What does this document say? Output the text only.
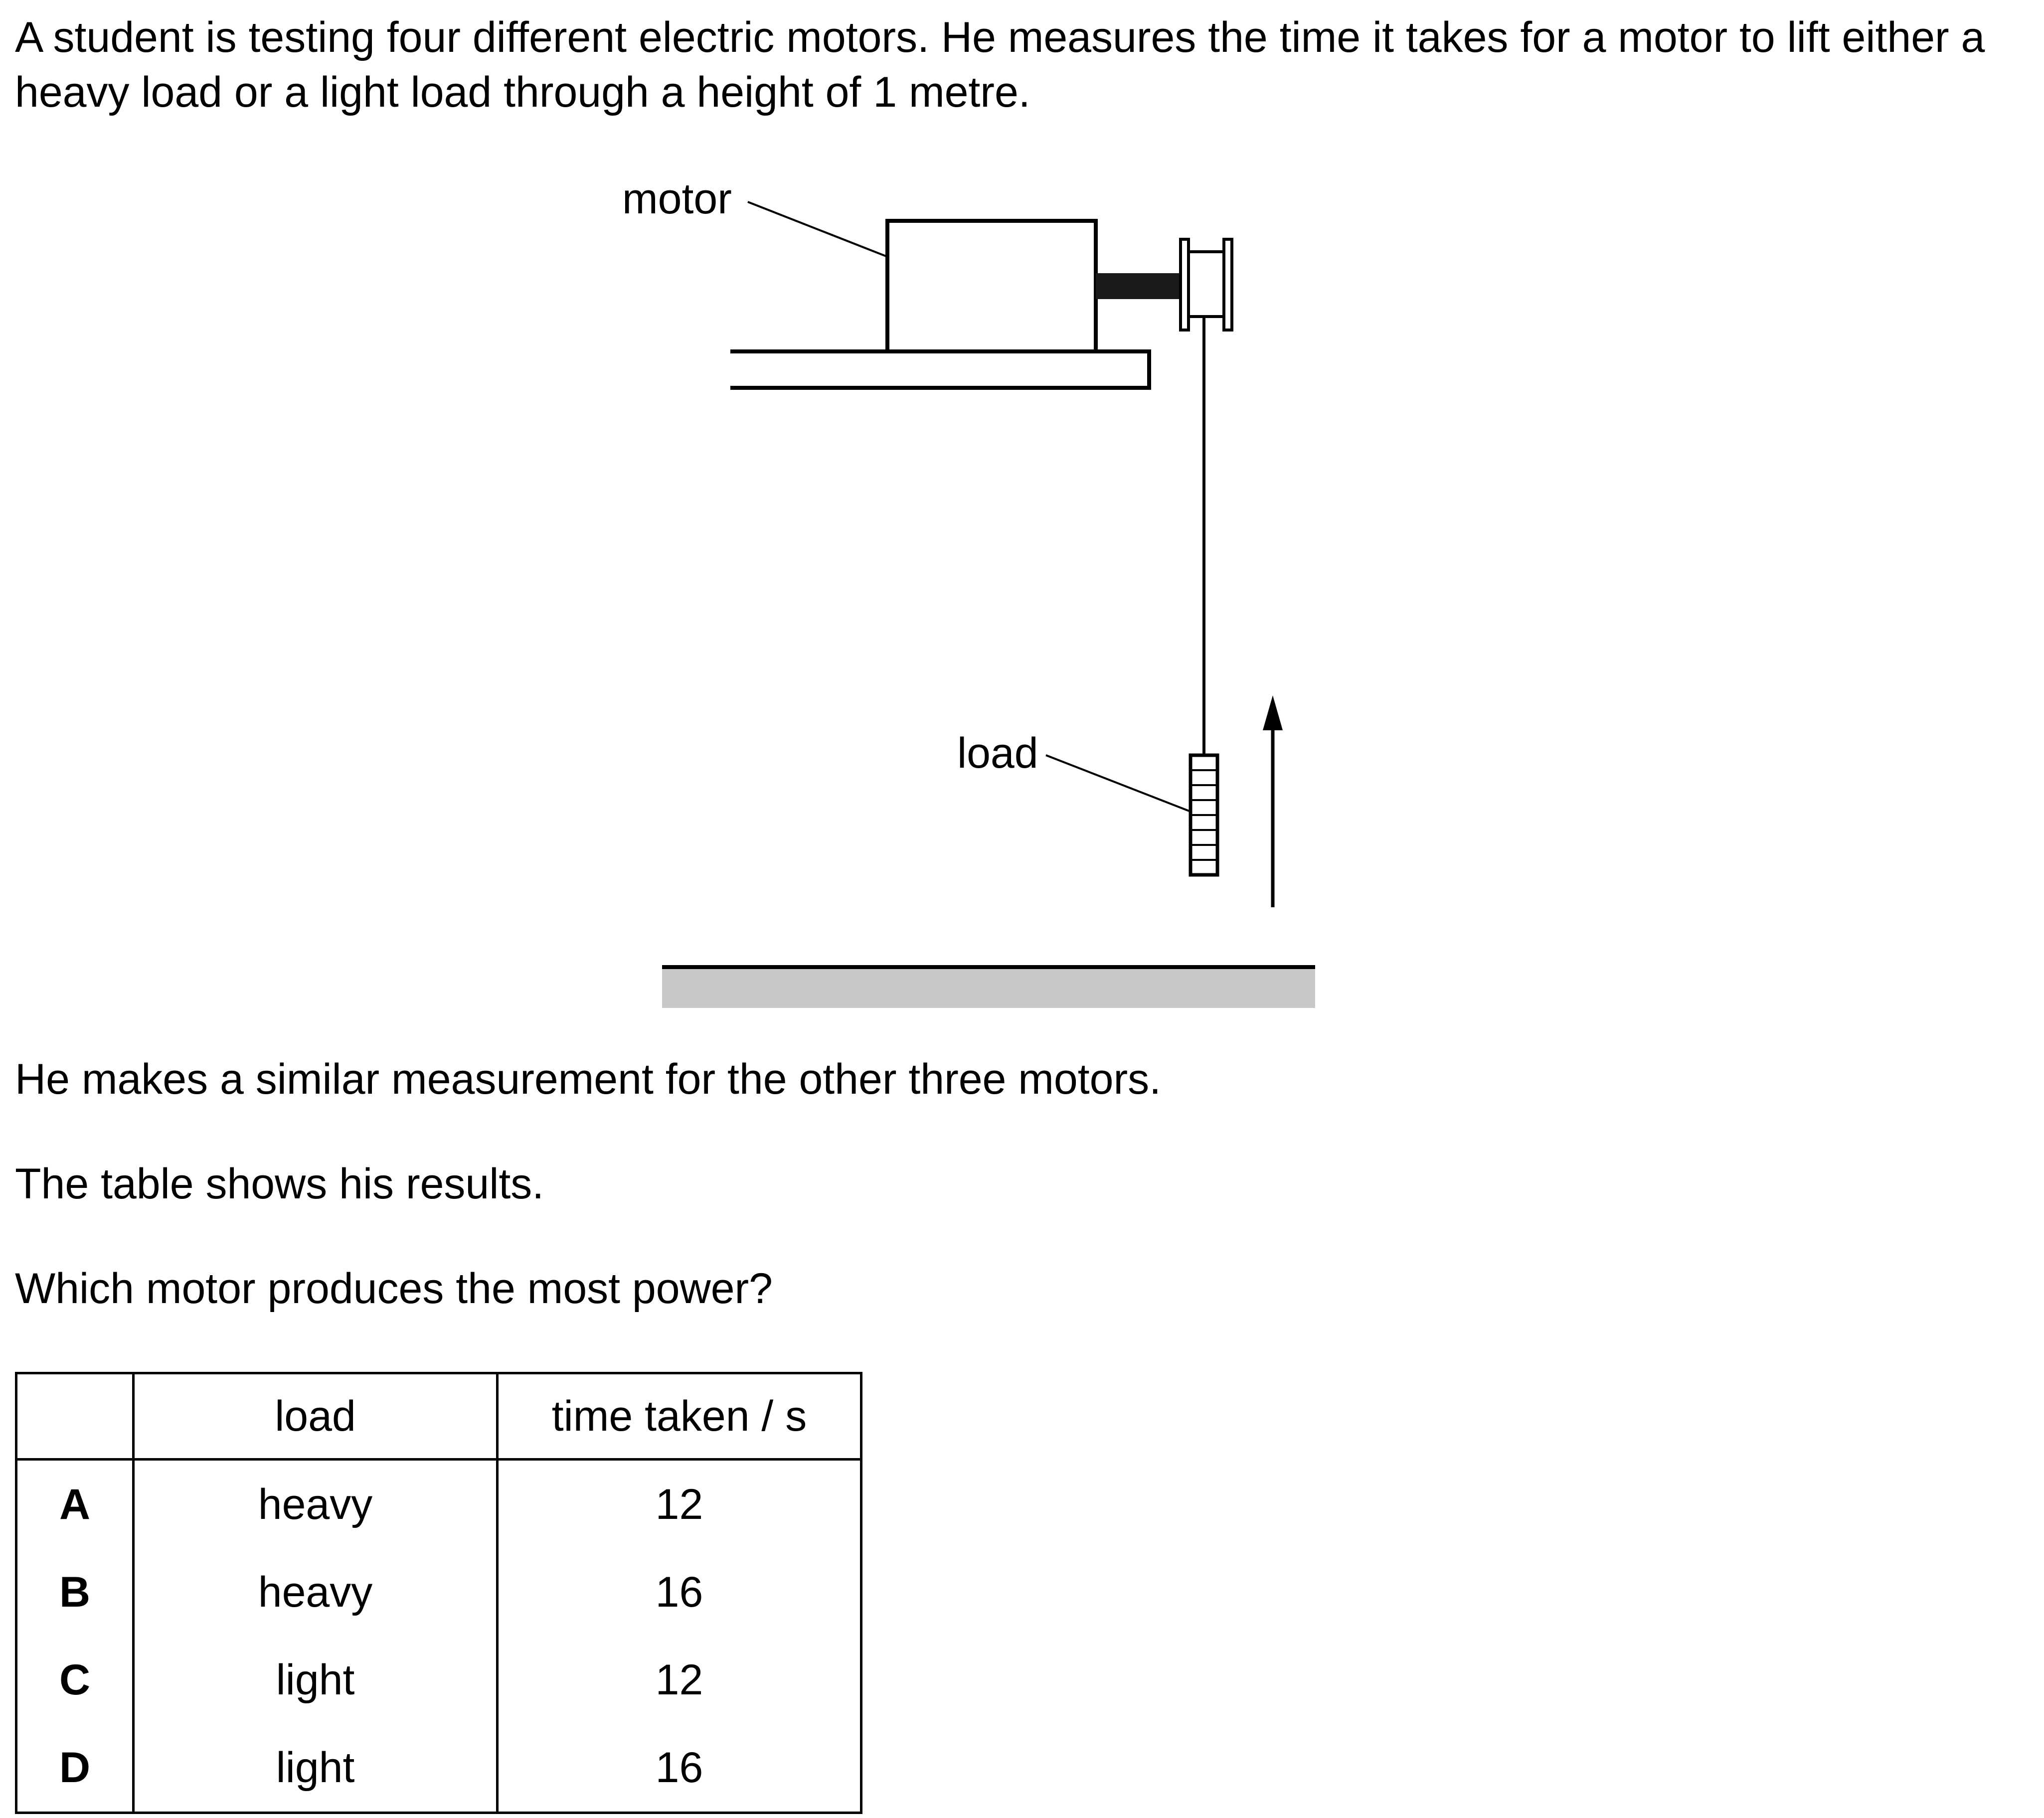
A student is testing four different electric motors. He measures the time it takes for a motor to lift either a heavy load or a light load through a height of 1 metre.

motor
load

He makes a similar measurement for the other three motors.

The table shows his results.

Which motor produces the most power?

	load	time taken / s
A	heavy	12
B	heavy	16
C	light	12
D	light	16
